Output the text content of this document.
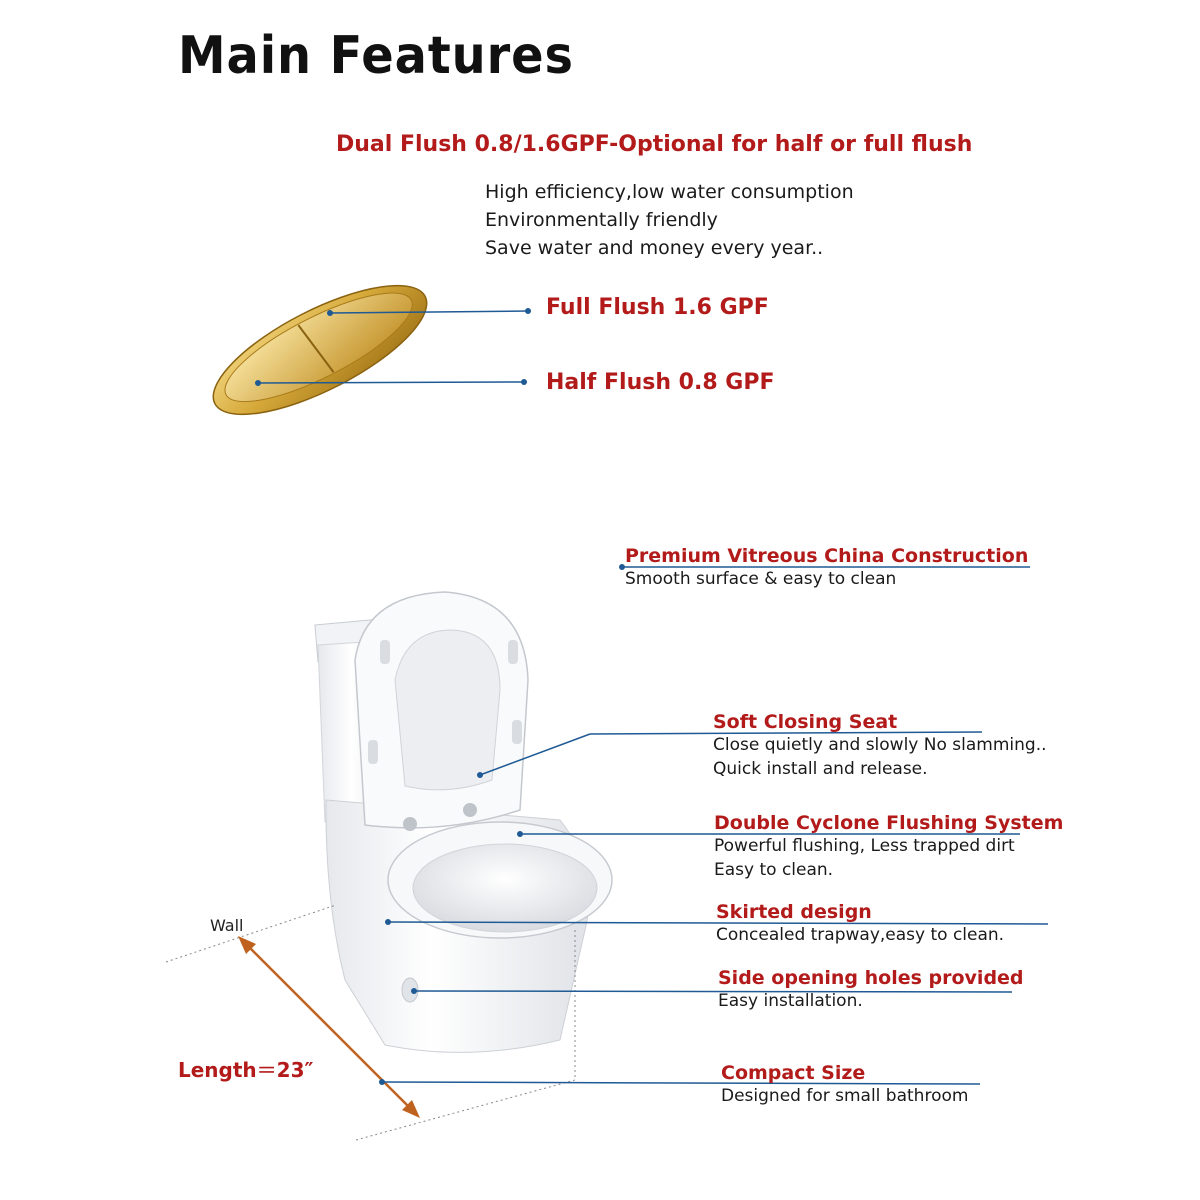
Main Features
Dual Flush 0.8/1.6GPF-Optional for half or full flush
High efficiency,low water consumption
Environmentally friendly
Save water and money every year..
Full Flush 1.6 GPF
Half Flush 0.8 GPF
Wall
Length＝23″
Premium Vitreous China Construction
Smooth surface & easy to clean
Soft Closing Seat
Close quietly and slowly No slamming..
Quick install and release.
Double Cyclone Flushing System
Powerful flushing, Less trapped dirt
Easy to clean.
Skirted design
Concealed trapway,easy to clean.
Side opening holes provided
Easy installation.
Compact Size
Designed for small bathroom
